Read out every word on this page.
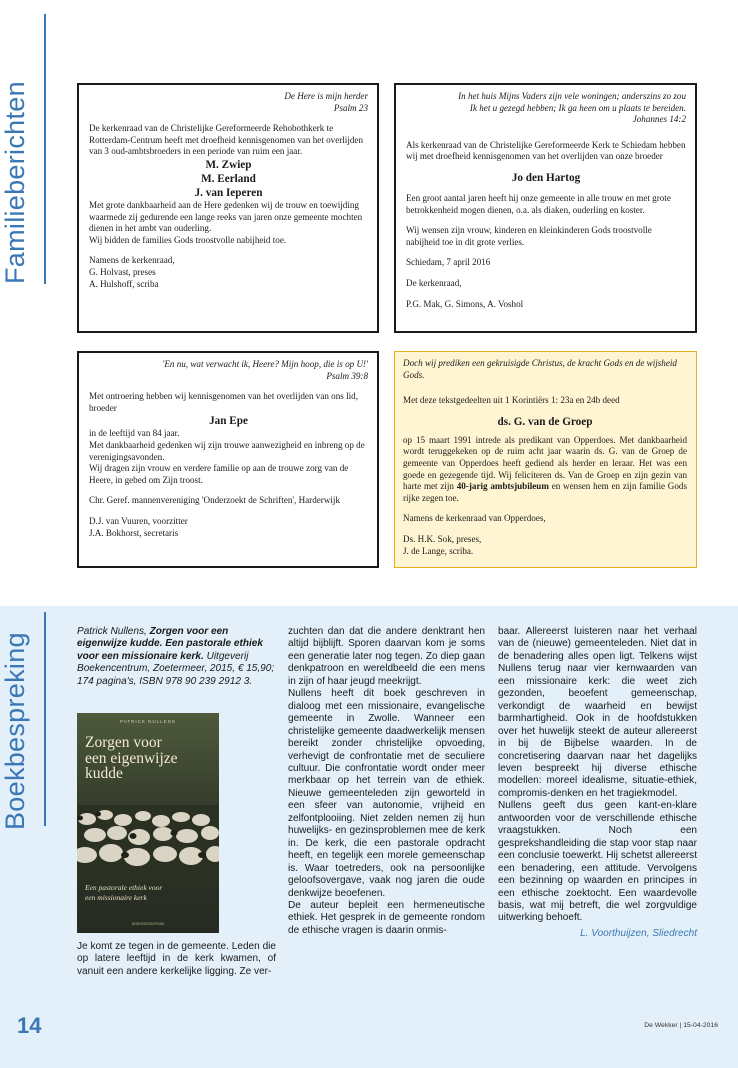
Familieberichten	De Here is mijn herder

Psalm 23

De kerkenraad van de Christelijke Gereformeerde Rehobothkerk te Rotterdam-Centrum heeft met droefheid kennisgenomen van het overlijden van 3 oud-ambtsbroeders in een periode van ruim een jaar.

M. Zwiep

M. Eerland

J. van Ieperen

Met grote dankbaarheid aan de Here gedenken wij de trouw en toewijding waarmede zij gedurende een lange reeks van jaren onze gemeente mochten dienen in het ambt van ouderling.

Wij bidden de families Gods troostvolle nabijheid toe.

Namens de kerkenraad,

G. Holvast, preses

A. Hulshoff, scriba

In het huis Mijns Vaders zijn vele woningen; anderszins zo zou

Ik het u gezegd hebben; Ik ga heen om u plaats te bereiden.

Johannes 14:2

Als kerkenraad van de Christelijke Gereformeerde Kerk te Schiedam hebben wij met droefheid kennisgenomen van het overlijden van onze broeder

Jo den Hartog

Een groot aantal jaren heeft hij onze gemeente in alle trouw en met grote betrokkenheid mogen dienen, o.a. als diaken, ouderling en koster.

Wij wensen zijn vrouw, kinderen en kleinkinderen Gods troostvolle nabijheid toe in dit grote verlies.

Schiedam, 7 april 2016

De kerkenraad,

P.G. Mak, G. Simons, A. Voshol

'En nu, wat verwacht ik, Heere? Mijn hoop, die is op U!'

Psalm 39:8

Met ontroering hebben wij kennisgenomen van het overlijden van ons lid, broeder

Jan Epe

in de leeftijd van 84 jaar.

Met dankbaarheid gedenken wij zijn trouwe aanwezigheid en inbreng op de verenigingsavonden.

Wij dragen zijn vrouw en verdere familie op aan de trouwe zorg van de Heere, in gebed om Zijn troost.

Chr. Geref. mannenvereniging 'Onderzoekt de Schriften', Harderwijk

D.J. van Vuuren, voorzitter

J.A. Bokhorst, secretaris

Doch wij prediken een gekruisigde Christus, de kracht Gods en de wijsheid Gods.

Met deze tekstgedeelten uit 1 Korintiërs 1: 23a en 24b deed

ds. G. van de Groep

op 15 maart 1991 intrede als predikant van Opperdoes. Met dankbaarheid wordt teruggekeken op de ruim acht jaar waarin ds. G. van de Groep de gemeente van Opperdoes heeft gediend als herder en leraar. Het was een goede en gezegende tijd. Wij feliciteren ds. Van de Groep en zijn gezin van harte met zijn 40-jarig ambtsjubileum en wensen hem en zijn familie Gods rijke zegen toe.

Namens de kerkenraad van Opperdoes,

Ds. H.K. Sok, preses,

J. de Lange, scriba.

Boekbespreking

Patrick Nullens, Zorgen voor een eigenwijze kudde. Een pastorale ethiek voor een missionaire kerk. Uitgeverij Boekencentrum, Zoetermeer, 2015, € 15,90; 174 pagina's, ISBN 978 90 239 2912 3.

PATRICK NULLENS
Zorgen voor
een eigenwijze
kudde
Een pastorale ethiek voor
een missionaire kerk
BOEKENCENTRUM

Je komt ze tegen in de gemeente. Leden die op latere leeftijd in de kerk kwamen, of vanuit een andere kerkelijke ligging. Ze ver-

zuchten dan dat die andere denktrant hen altijd bijblijft. Sporen daarvan kom je soms een generatie later nog tegen. Zo diep gaan denkpatroon en wereldbeeld die een mens in zijn of haar jeugd meekrijgt.

Nullens heeft dit boek geschreven in dialoog met een missionaire, evangelische gemeente in Zwolle. Wanneer een christelijke gemeente daadwerkelijk mensen bereikt zonder christelijke opvoeding, verhevigt de confrontatie met de seculiere cultuur. Die confrontatie wordt onder meer merkbaar op het terrein van de ethiek. Nieuwe gemeenteleden zijn geworteld in een sfeer van autonomie, vrijheid en zelfontplooiing. Niet zelden nemen zij hun huwelijks- en gezinsproblemen mee de kerk in. De kerk, die een pastorale opdracht heeft, en tegelijk een morele gemeenschap is. Waar toetreders, ook na persoonlijke geloofsovergave, vaak nog jaren die oude denkwijze beoefenen.

De auteur bepleit een hermeneutische ethiek. Het gesprek in de gemeente rondom de ethische vragen is daarin onmis-

baar. Allereerst luisteren naar het verhaal van de (nieuwe) gemeenteleden. Niet dat in de benadering alles open ligt. Telkens wijst Nullens terug naar vier kernwaarden van een missionaire kerk: die weet zich gezonden, beoefent gemeenschap, verkondigt de waarheid en bewijst barmhartigheid. Ook in de hoofdstukken over het huwelijk steekt de auteur allereerst in bij de Bijbelse waarden. In de concretisering daarvan naar het dagelijks leven bespreekt hij diverse ethische modellen: moreel idealisme, situatie-ethiek, compromis-denken en het tragiekmodel.

Nullens geeft dus geen kant-en-klare antwoorden voor de verschillende ethische vraagstukken. Noch een gesprekshandleiding die stap voor stap naar een conclusie toewerkt. Hij schetst allereerst een benadering, een attitude. Vervolgens een bezinning op waarden en principes in een ethische zoektocht. Een waardevolle basis, wat mij betreft, die wel zorgvuldige uitwerking behoeft.

L. Voorthuijzen, Sliedrecht

14	De Wekker | 15-04-2016
